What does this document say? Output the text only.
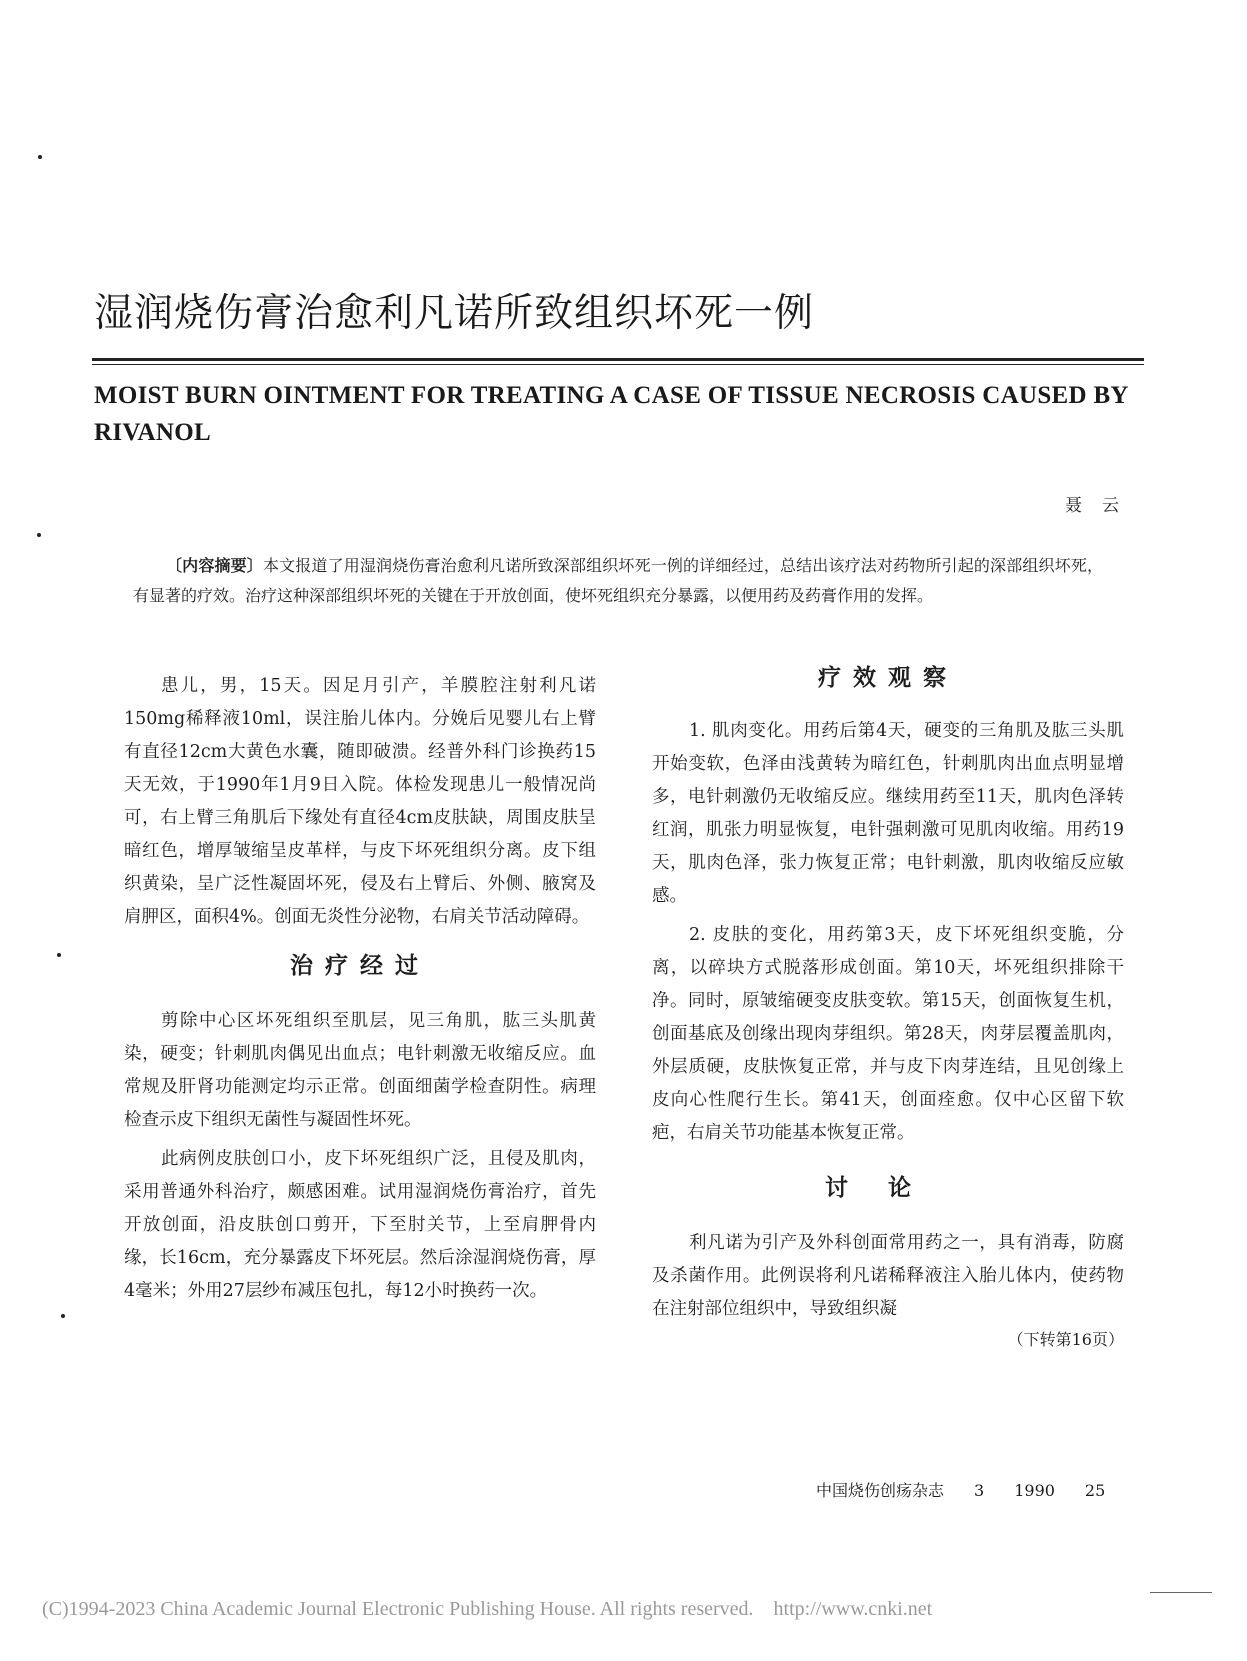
湿润烧伤膏治愈利凡诺所致组织坏死一例
MOIST BURN OINTMENT FOR TREATING A CASE OF TISSUE NECROSIS CAUSED BY RIVANOL
聂云
〔内容摘要〕本文报道了用湿润烧伤膏治愈利凡诺所致深部组织坏死一例的详细经过，总结出该疗法对药物所引起的深部组织坏死，有显著的疗效。治疗这种深部组织坏死的关键在于开放创面，使坏死组织充分暴露，以便用药及药膏作用的发挥。

患儿，男，15天。因足月引产，羊膜腔注射利凡诺150mg稀释液10ml，误注胎儿体内。分娩后见婴儿右上臂有直径12cm大黄色水囊，随即破溃。经普外科门诊换药15天无效，于1990年1月9日入院。体检发现患儿一般情况尚可，右上臂三角肌后下缘处有直径4cm皮肤缺，周围皮肤呈暗红色，增厚皱缩呈皮革样，与皮下坏死组织分离。皮下组织黄染，呈广泛性凝固坏死，侵及右上臂后、外侧、腋窝及肩胛区，面积4%。创面无炎性分泌物，右肩关节活动障碍。

治疗经过

剪除中心区坏死组织至肌层，见三角肌，肱三头肌黄染，硬变；针刺肌肉偶见出血点；电针刺激无收缩反应。血常规及肝肾功能测定均示正常。创面细菌学检查阴性。病理检查示皮下组织无菌性与凝固性坏死。

此病例皮肤创口小，皮下坏死组织广泛，且侵及肌肉，采用普通外科治疗，颇感困难。试用湿润烧伤膏治疗，首先开放创面，沿皮肤创口剪开，下至肘关节，上至肩胛骨内缘，长16cm，充分暴露皮下坏死层。然后涂湿润烧伤膏，厚4毫米；外用27层纱布减压包扎，每12小时换药一次。

疗效观察

1. 肌肉变化。用药后第4天，硬变的三角肌及肱三头肌开始变软，色泽由浅黄转为暗红色，针刺肌肉出血点明显增多，电针刺激仍无收缩反应。继续用药至11天，肌肉色泽转红润，肌张力明显恢复，电针强刺激可见肌肉收缩。用药19天，肌肉色泽，张力恢复正常；电针刺激，肌肉收缩反应敏感。

2. 皮肤的变化，用药第3天，皮下坏死组织变脆，分离，以碎块方式脱落形成创面。第10天，坏死组织排除干净。同时，原皱缩硬变皮肤变软。第15天，创面恢复生机，创面基底及创缘出现肉芽组织。第28天，肉芽层覆盖肌肉，外层质硬，皮肤恢复正常，并与皮下肉芽连结，且见创缘上皮向心性爬行生长。第41天，创面痊愈。仅中心区留下软疤，右肩关节功能基本恢复正常。

讨论

利凡诺为引产及外科创面常用药之一，具有消毒，防腐及杀菌作用。此例误将利凡诺稀释液注入胎儿体内，使药物在注射部位组织中，导致组织凝

（下转第16页）
中国烧伤创疡杂志 3 1990 25
(C)1994-2023 China Academic Journal Electronic Publishing House. All rights reserved. http://www.cnki.net
